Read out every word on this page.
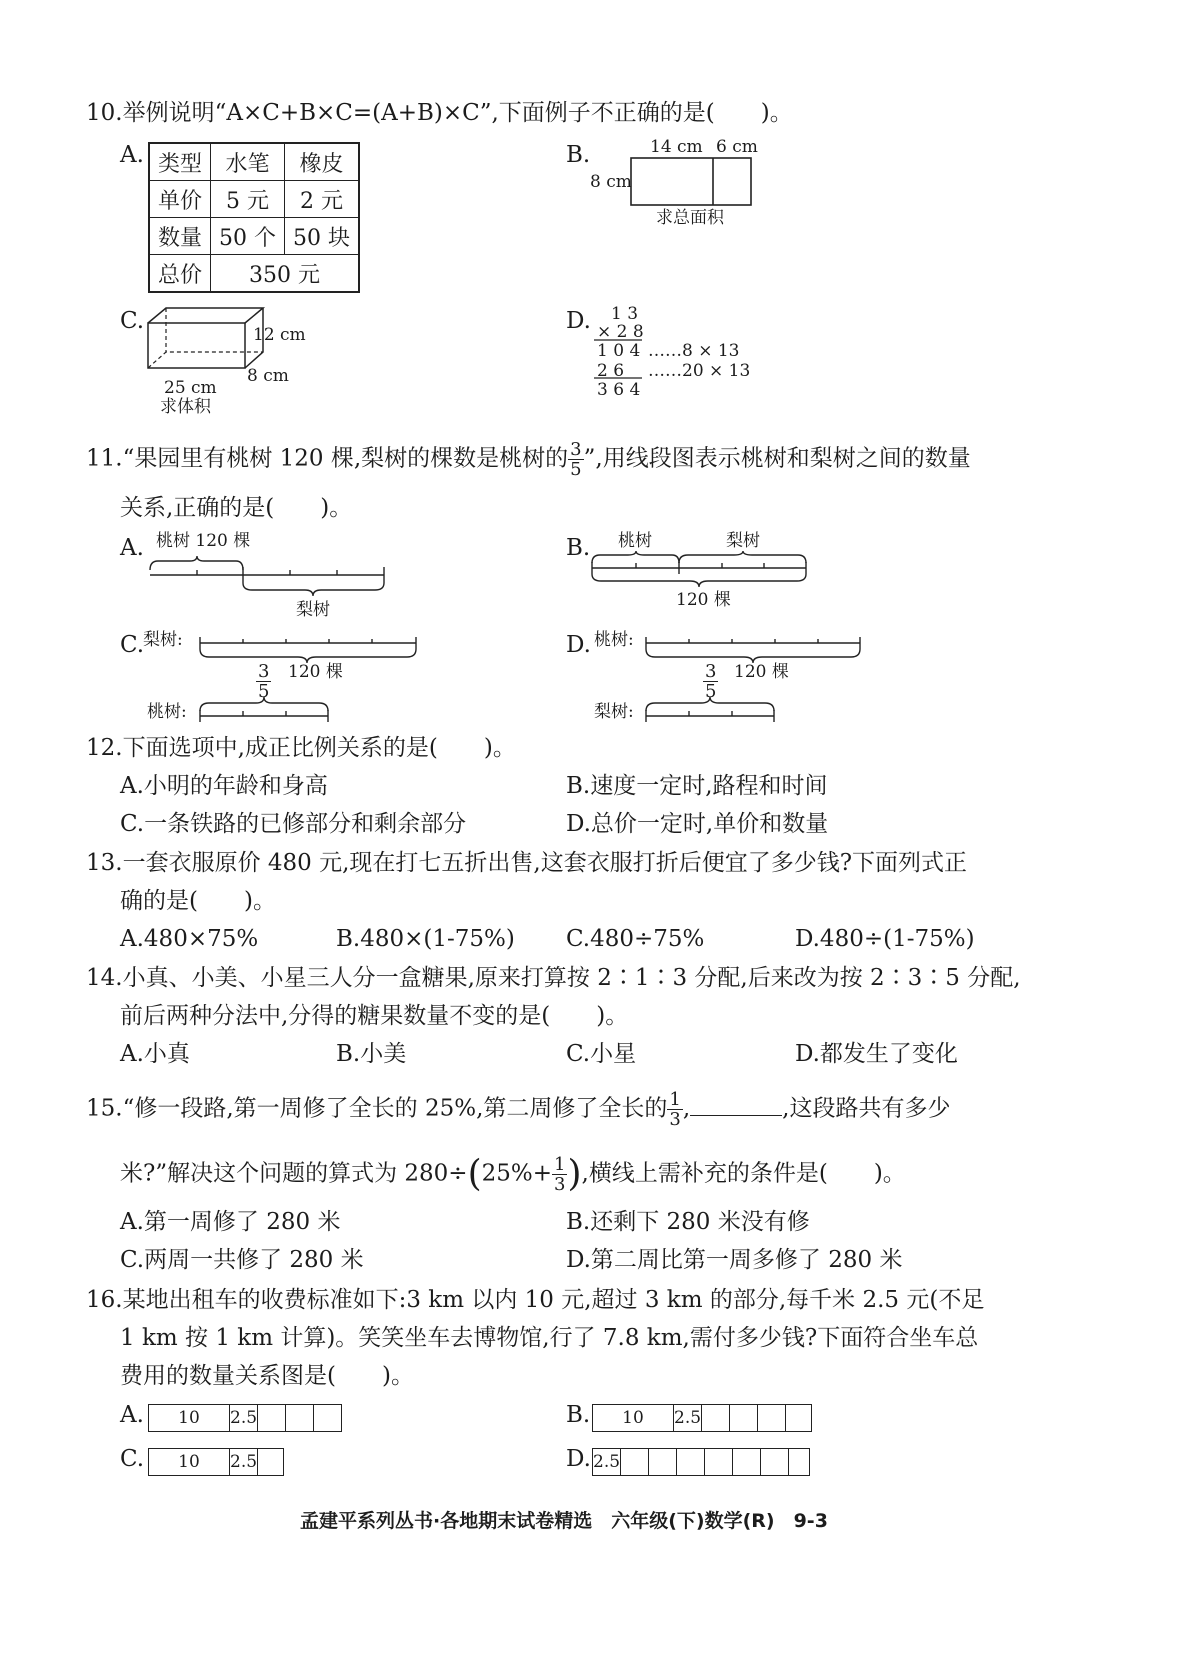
10.举例说明“A×C+B×C=(A+B)×C”,下面例子不正确的是(　　)。
A. 类型	水笔	橡皮
单价	5 元	2 元
数量	50 个	50 块
总价	350 元	
B.	14 cm 6 cm
8 cm
求总面积
C.
12 cm
8 cm
25 cm
求体积
D. 1 3
× 2 8
1 0 4 ……8 × 13
2 6 ……20 × 13
3 6 4
11.“果园里有桃树 120 棵,梨树的棵数是桃树的 $\frac{3}{5}$ ”,用线段图表示桃树和梨树之间的数量
关系,正确的是(　　)。
A. 桃树 120 棵
梨树
B. 桃树	梨树
120 棵
C.
梨树:
桃树:
120 棵
$\frac{3}{5}$
D. 桃树:
梨树:
120 棵
$\frac{3}{5}$
12.下面选项中,成正比例关系的是(　　)。
A.小明的年龄和身高	B.速度一定时,路程和时间
C.一条铁路的已修部分和剩余部分	D.总价一定时,单价和数量
13.一套衣服原价 480 元,现在打七五折出售,这套衣服打折后便宜了多少钱?下面列式正
确的是(　　)。
A.480×75%	B.480×(1-75%) C.480÷75%	D.480÷(1-75%)
14.小真、小美、小星三人分一盒糖果,原来打算按 2∶1∶3 分配,后来改为按 2∶3∶5 分配,
前后两种分法中,分得的糖果数量不变的是(　　)。
A.小真	B.小美	C.小星	D.都发生了变化
15.“修一段路,第一周修了全长的 25%,第二周修了全长的 $\frac{1}{3}$ ,	,这段路共有多少
米?”解决这个问题的算式为 $280\div(25\%+ \frac{1}{3}$ ),横线上需补充的条件是(　　)。
A.第一周修了 280 米	B.还剩下 280 米没有修
C.两周一共修了 280 米	D.第二周比第一周多修了 280 米
16.某地出租车的收费标准如下:3 km 以内 10 元,超过 3 km 的部分,每千米 2.5 元(不足
1 km 按 1 km 计算)。笑笑坐车去博物馆,行了 7.8 km,需付多少钱?下面符合坐车总
费用的数量关系图是(　　)。
A.	10	2.5	B.	10	2.5
C.	10	2.5	D. 2.5
孟建平系列丛书·各地期末试卷精选　六年级(下)数学(R)　9-3
